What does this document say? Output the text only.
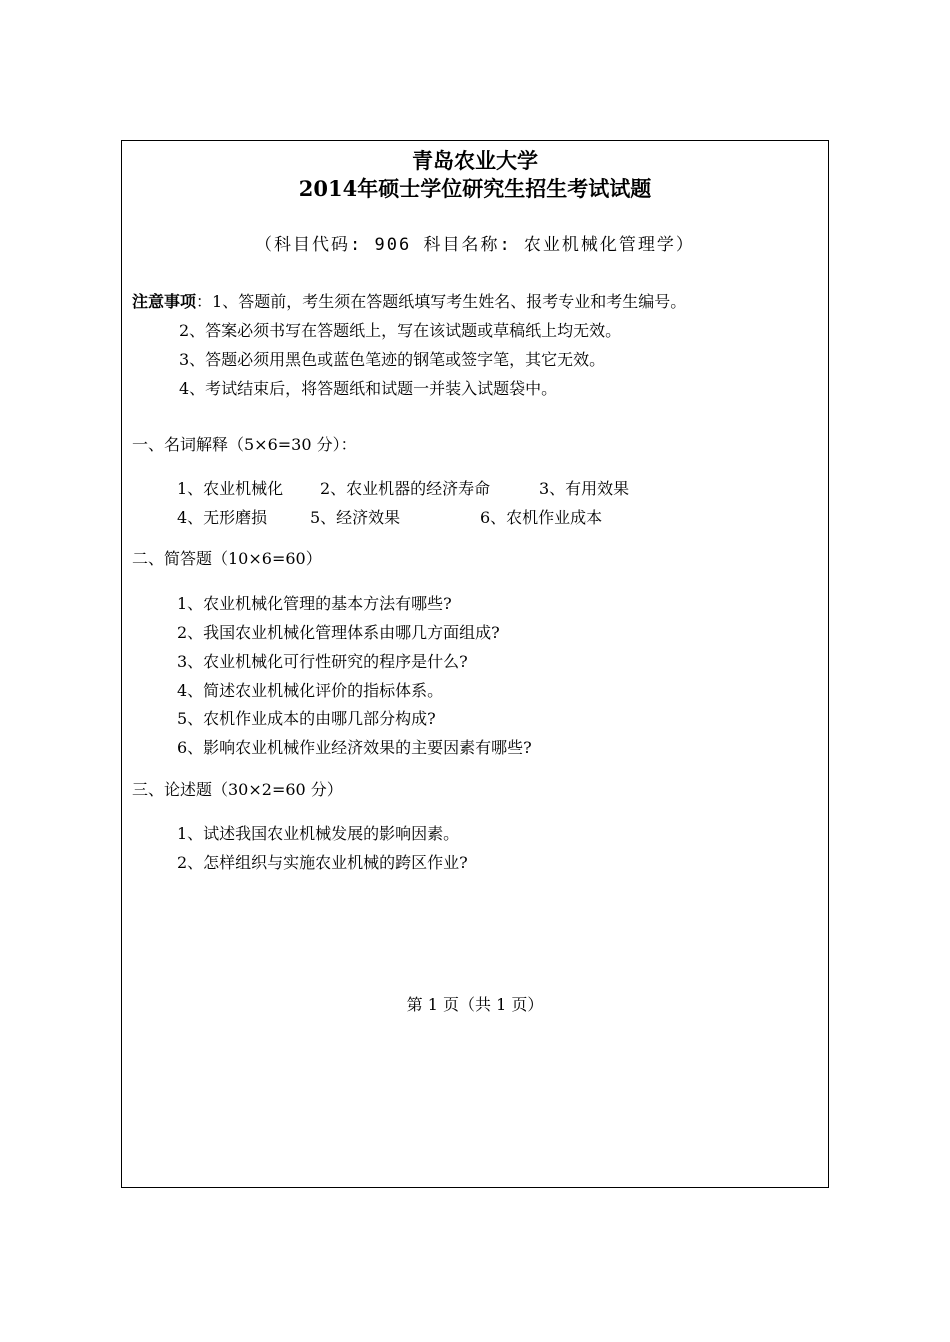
青岛农业大学
2014年硕士学位研究生招生考试试题
（科目代码: 906 科目名称: 农业机械化管理学）
注意事项：1、答题前，考生须在答题纸填写考生姓名、报考专业和考生编号。
2、答案必须书写在答题纸上，写在该试题或草稿纸上均无效。
3、答题必须用黑色或蓝色笔迹的钢笔或签字笔，其它无效。
4、考试结束后，将答题纸和试题一并装入试题袋中。
一、名词解释（5×6=30 分）：
1、农业机械化 2、农业机器的经济寿命	3、有用效果
4、无形磨损	5、经济效果	6、农机作业成本
二、简答题（10×6=60）
1、农业机械化管理的基本方法有哪些?
2、我国农业机械化管理体系由哪几方面组成?
3、农业机械化可行性研究的程序是什么?
4、简述农业机械化评价的指标体系。
5、农机作业成本的由哪几部分构成?
6、影响农业机械作业经济效果的主要因素有哪些?
三、论述题（30×2=60 分）
1、试述我国农业机械发展的影响因素。
2、怎样组织与实施农业机械的跨区作业?
第 1 页（共 1 页）
